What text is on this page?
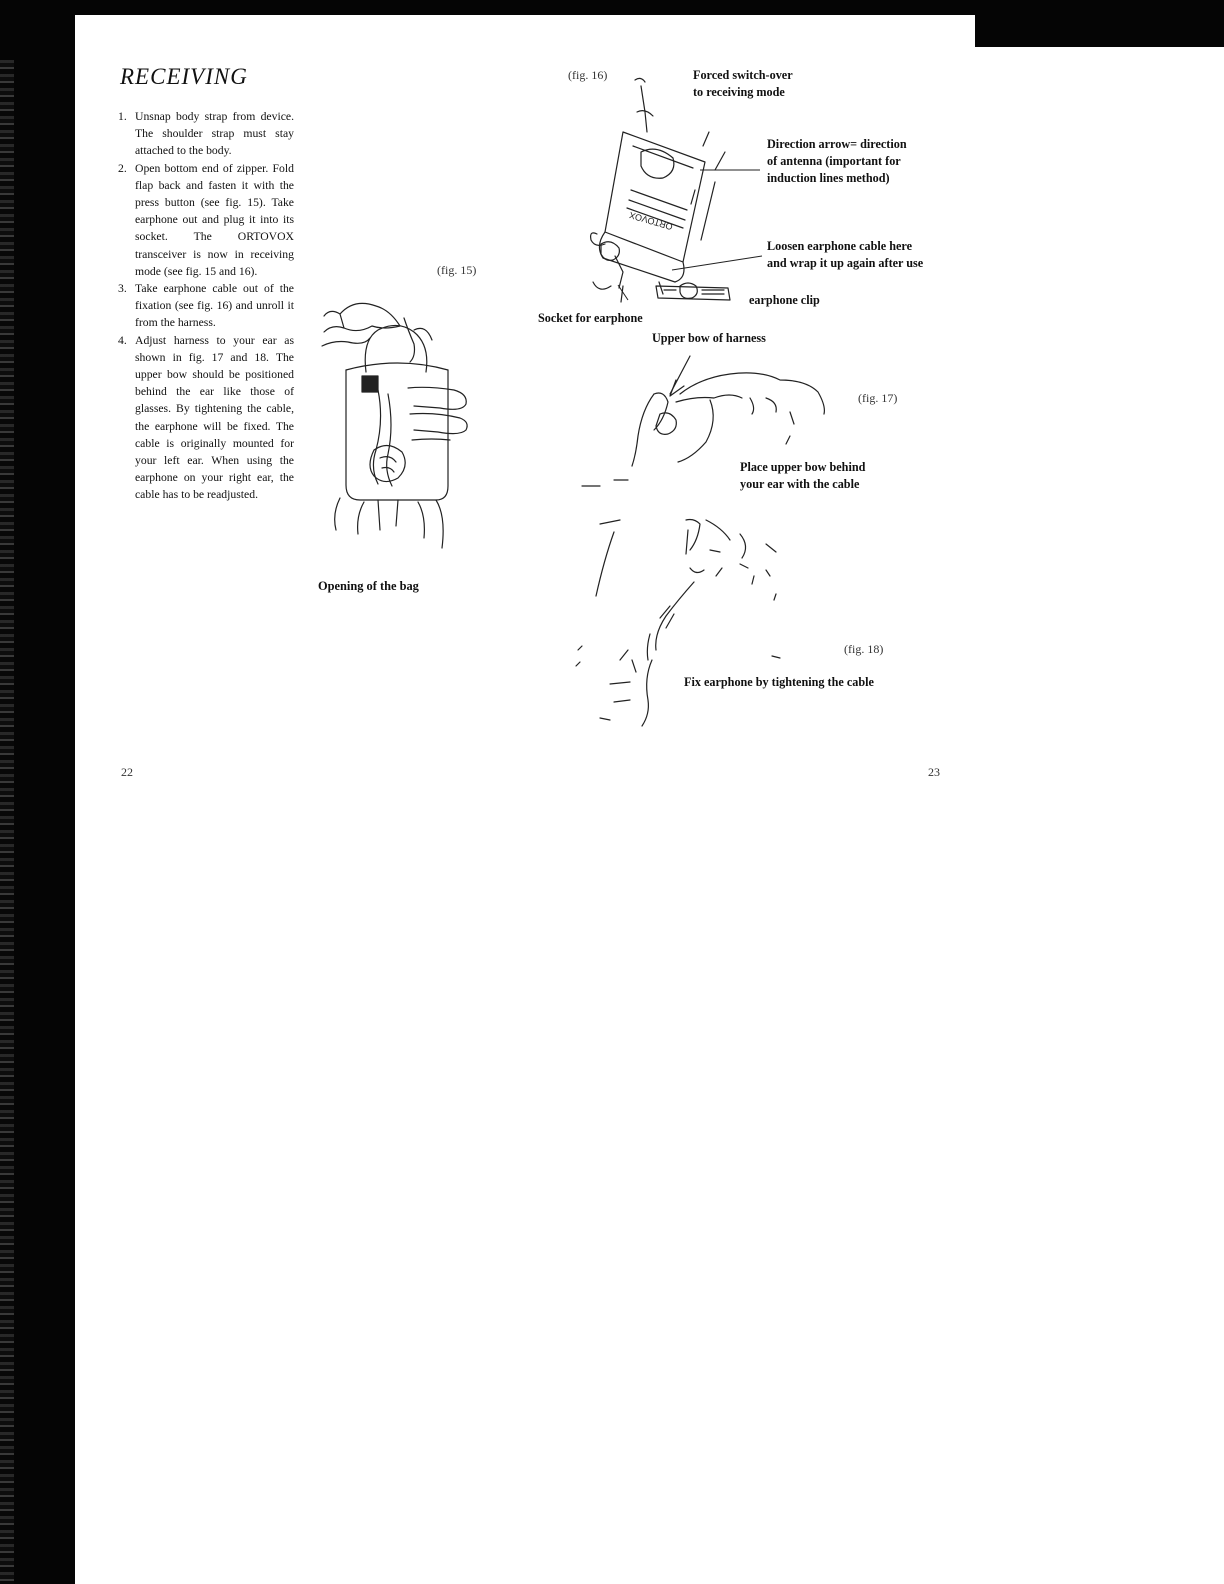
RECEIVING
1. Unsnap body strap from device. The shoulder strap must stay attached to the body.
2. Open bottom end of zipper. Fold flap back and fasten it with the press button (see fig. 15). Take earphone out and plug it into its socket. The ORTOVOX transceiver is now in receiving mode (see fig. 15 and 16).
3. Take earphone cable out of the fixation (see fig. 16) and unroll it from the harness.
4. Adjust harness to your ear as shown in fig. 17 and 18. The upper bow should be positioned behind the ear like those of glasses. By tightening the cable, the earphone will be fixed. The cable is originally mounted for your left ear. When using the earphone on your right ear, the cable has to be readjusted.
(fig. 15)
Opening of the bag
(fig. 16)
ORTOVOX
Forced switch-over
to receiving mode
Direction arrow= direction
of antenna (important for
induction lines method)
Loosen earphone cable here
and wrap it up again after use
earphone clip
Socket for earphone
Upper bow of harness
(fig. 17)
Place upper bow behind
your ear with the cable
(fig. 18)
Fix earphone by tightening the cable
22	23
